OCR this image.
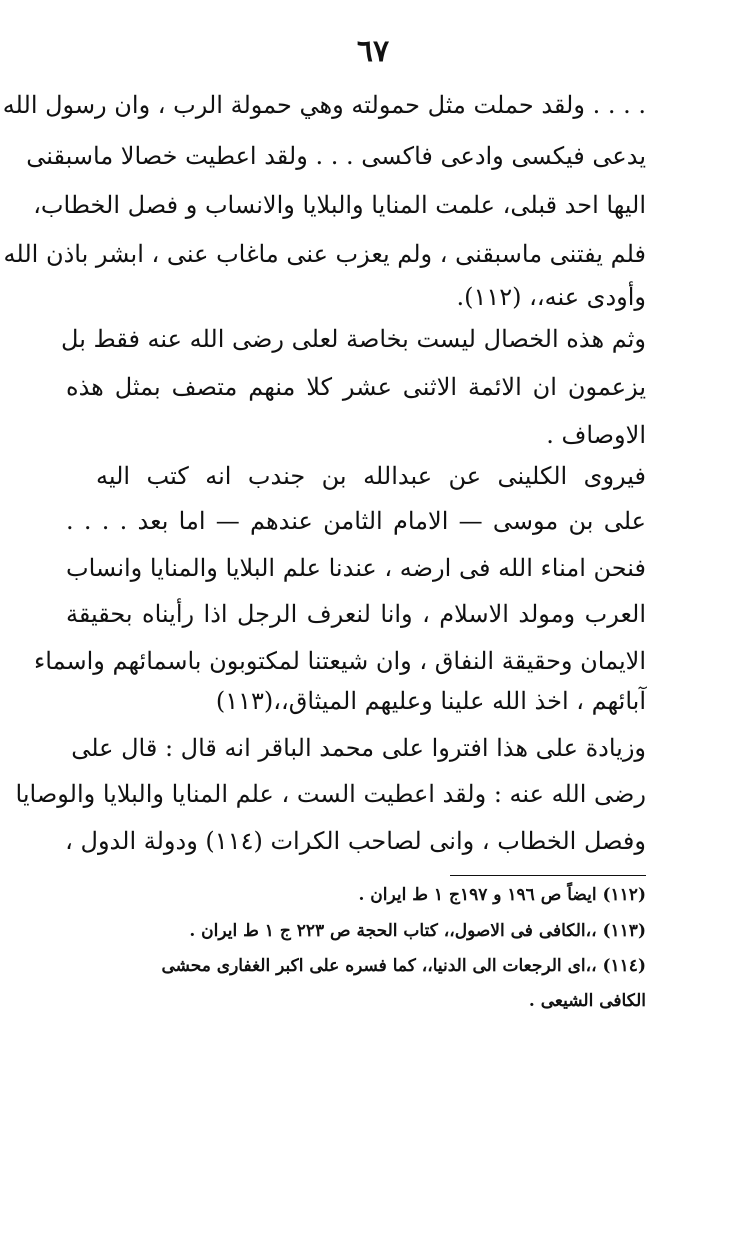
٦٧
. . . . ولقد حملت مثل حمولته وهي حمولة الرب ، وان رسول الله
يدعى فيكسى وادعى فاكسى . . . ولقد اعطيت خصالا ماسبقنى
اليها احد قبلى، علمت المنايا والبلايا والانساب و فصل الخطاب،
فلم يفتنى ماسبقنى ، ولم يعزب عنى ماغاب عنى ، ابشر باذن الله
وأودى عنه،، (١١٢).
وثم هذه الخصال ليست بخاصة لعلى رضى الله عنه فقط بل
يزعمون ان الائمة الاثنى عشر كلا منهم متصف بمثل هذه
الاوصاف .
فيروى الكلينى عن عبدالله بن جندب انه كتب اليه
على بن موسى — الامام الثامن عندهم — اما بعد . . . .
فنحن امناء الله فى ارضه ، عندنا علم البلايا والمنايا وانساب
العرب ومولد الاسلام ، وانا لنعرف الرجل اذا رأيناه بحقيقة
الايمان وحقيقة النفاق ، وان شيعتنا لمكتوبون باسمائهم واسماء
آبائهم ، اخذ الله علينا وعليهم الميثاق،،(١١٣)
وزيادة على هذا افتروا على محمد الباقر انه قال : قال على
رضى الله عنه : ولقد اعطيت الست ، علم المنايا والبلايا والوصايا
وفصل الخطاب ، وانى لصاحب الكرات (١١٤) ودولة الدول ،
(١١٢) ايضاً ص ١٩٦ و ١٩٧ج ١ ط ايران .
(١١٣) ،،الكافى فى الاصول،، كتاب الحجة ص ٢٢٣ ج ١ ط ايران .
(١١٤) ،،اى الرجعات الى الدنيا،، كما فسره على اكبر الغفارى محشى
الكافى الشيعى .
